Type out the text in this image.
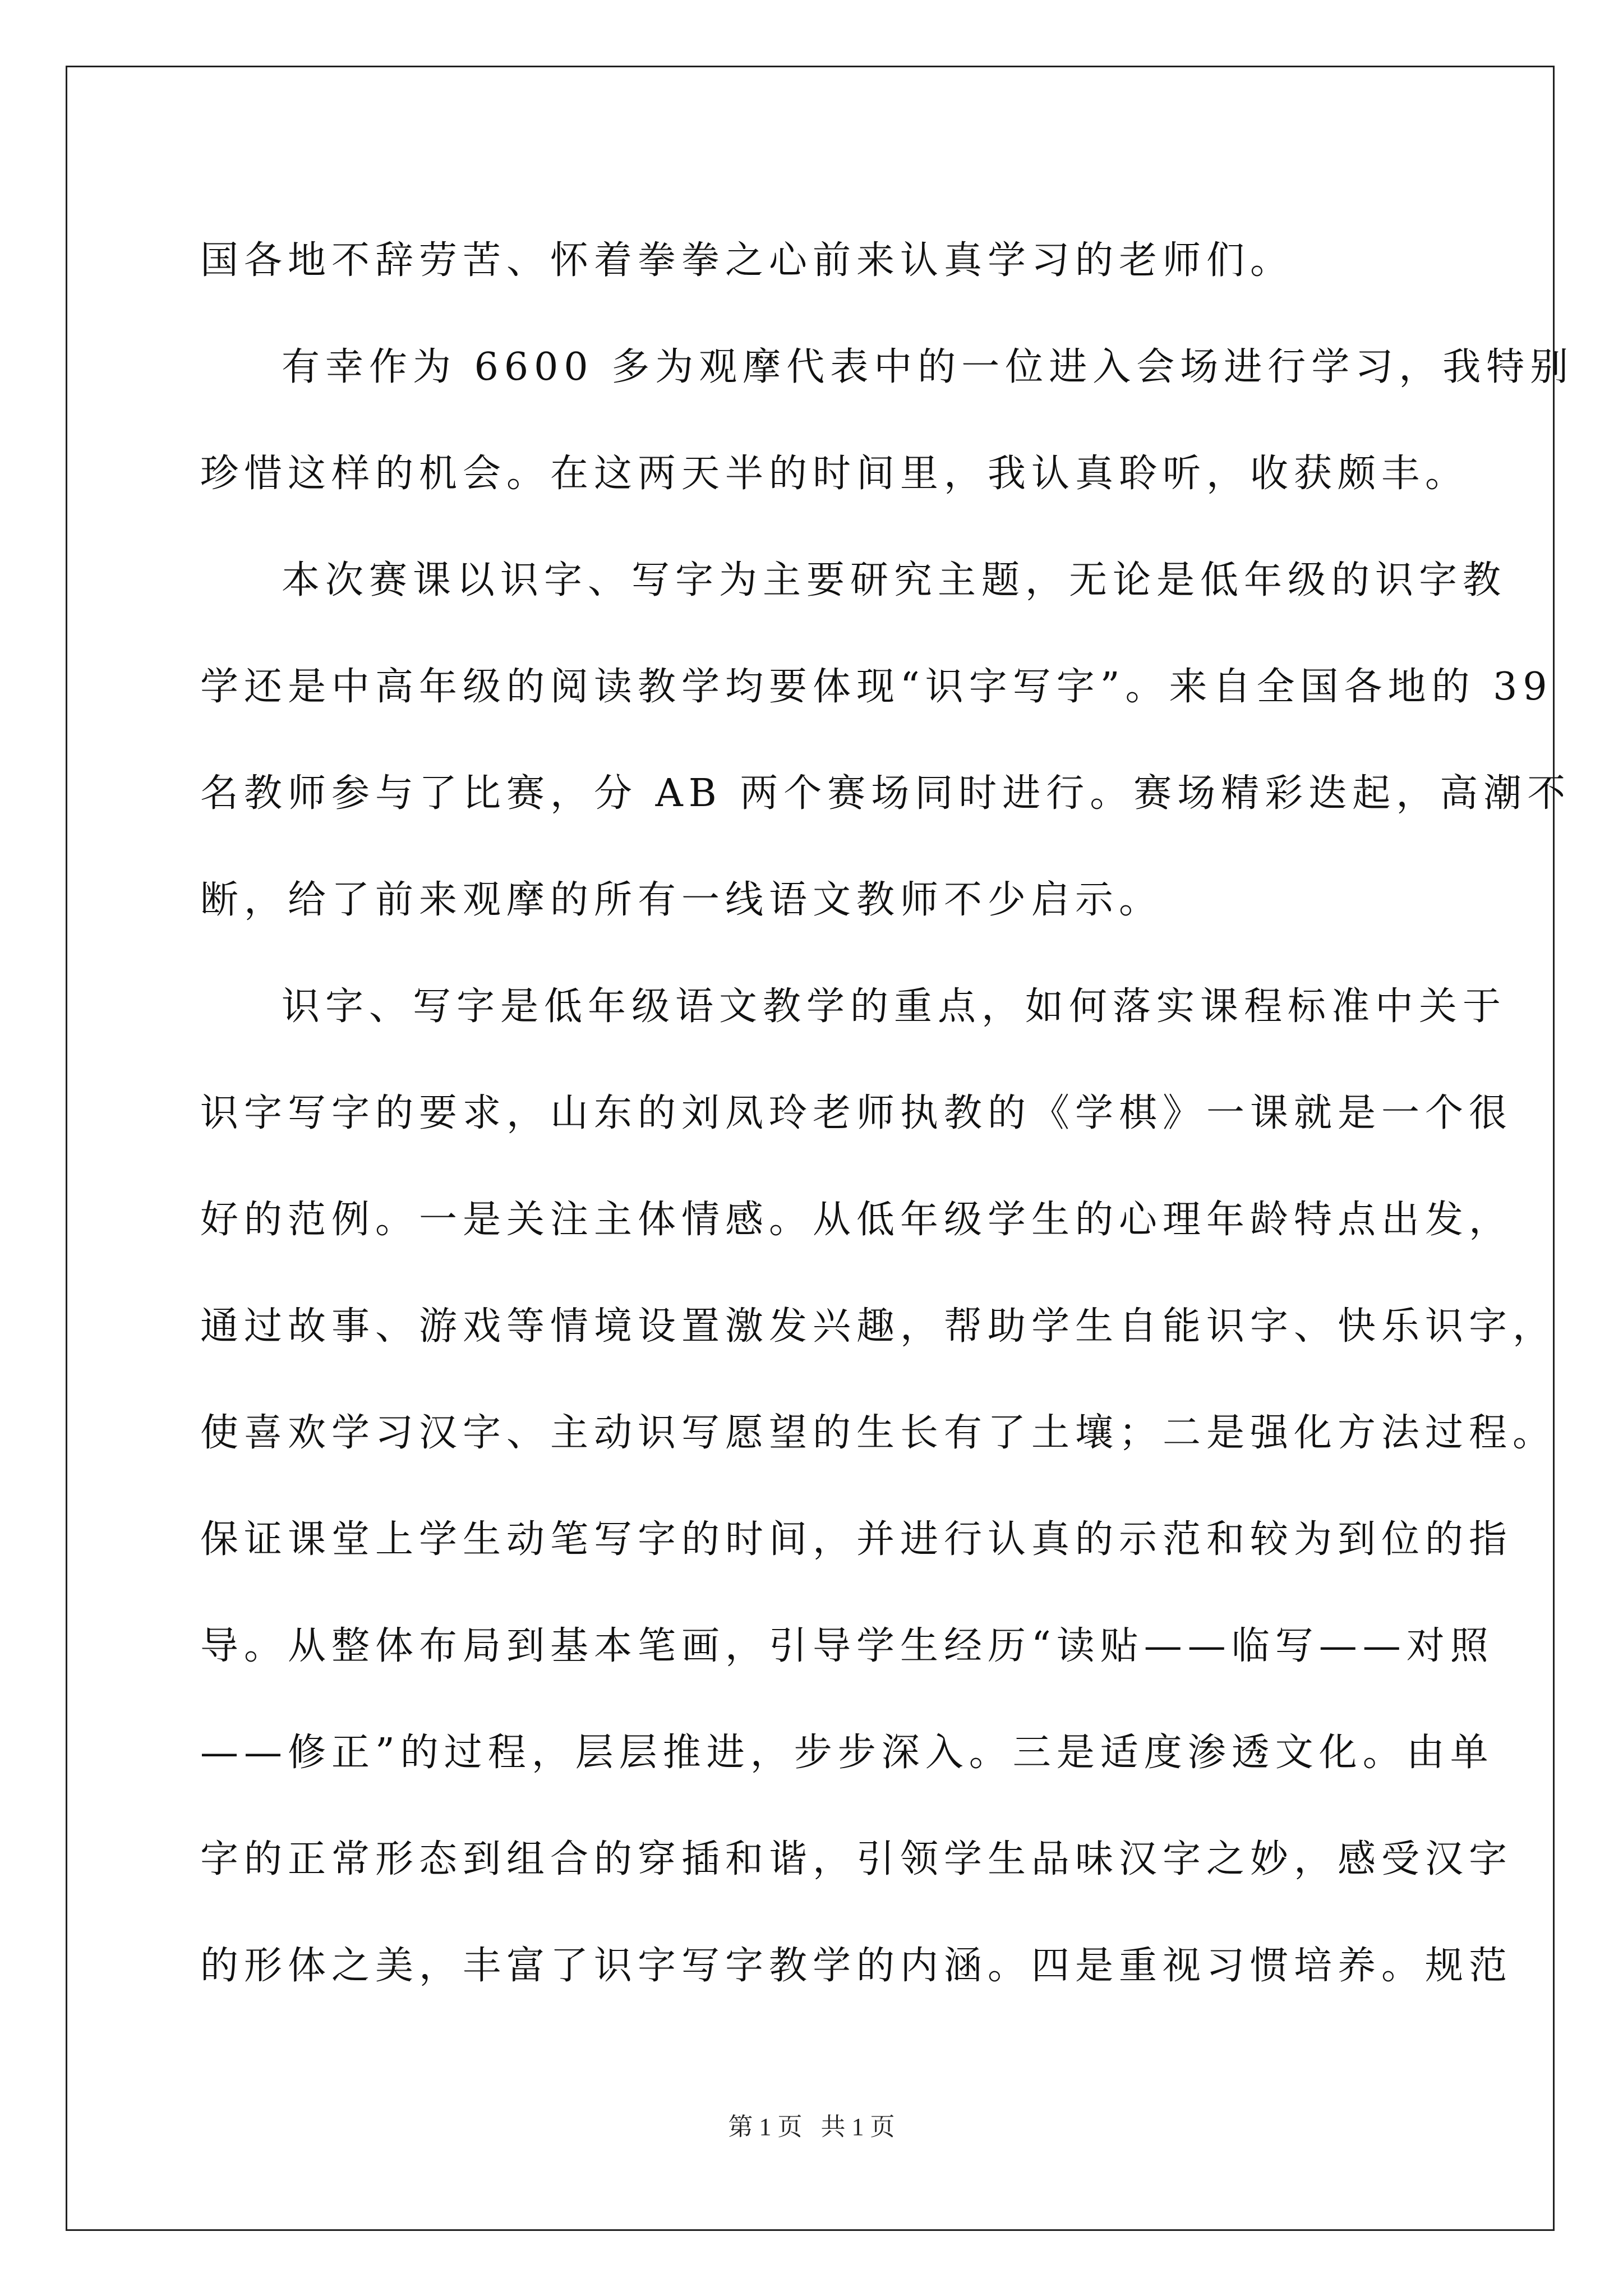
国各地不辞劳苦、怀着拳拳之心前来认真学习的老师们。
有幸作为 6600 多为观摩代表中的一位进入会场进行学习，我特别
珍惜这样的机会。在这两天半的时间里，我认真聆听，收获颇丰。
本次赛课以识字、写字为主要研究主题，无论是低年级的识字教
学还是中高年级的阅读教学均要体现“识字写字”。来自全国各地的 39
名教师参与了比赛，分 AB 两个赛场同时进行。赛场精彩迭起，高潮不
断，给了前来观摩的所有一线语文教师不少启示。
识字、写字是低年级语文教学的重点，如何落实课程标准中关于
识字写字的要求，山东的刘凤玲老师执教的《学棋》一课就是一个很
好的范例。一是关注主体情感。从低年级学生的心理年龄特点出发，
通过故事、游戏等情境设置激发兴趣，帮助学生自能识字、快乐识字，
使喜欢学习汉字、主动识写愿望的生长有了土壤；二是强化方法过程。
保证课堂上学生动笔写字的时间，并进行认真的示范和较为到位的指
导。从整体布局到基本笔画，引导学生经历“读贴——临写——对照
——修正”的过程，层层推进，步步深入。三是适度渗透文化。由单
字的正常形态到组合的穿插和谐，引领学生品味汉字之妙，感受汉字
的形体之美，丰富了识字写字教学的内涵。四是重视习惯培养。规范
第 1 页   共 1 页
